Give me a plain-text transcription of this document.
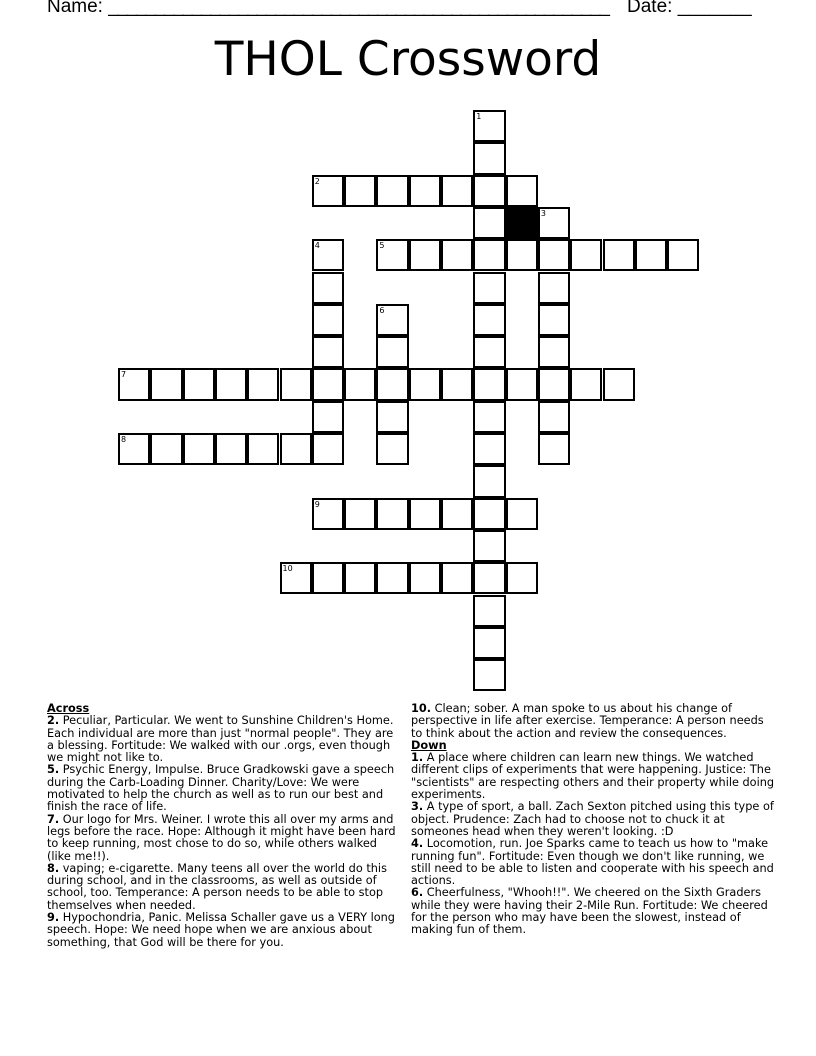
Name: ______________________________________________________ Date: _______
THOL Crossword
1
2
3
4	5
6
7
8
9
10
Across
2. Peculiar, Particular. We went to Sunshine Children's Home. Each individual are more than just "normal people". They are a blessing. Fortitude: We walked with our .orgs, even though we might not like to.
5. Psychic Energy, Impulse. Bruce Gradkowski gave a speech during the Carb-Loading Dinner. Charity/Love: We were motivated to help the church as well as to run our best and finish the race of life.
7. Our logo for Mrs. Weiner. I wrote this all over my arms and legs before the race. Hope: Although it might have been hard to keep running, most chose to do so, while others walked (like me!!).
8. vaping; e-cigarette. Many teens all over the world do this during school, and in the classrooms, as well as outside of school, too. Temperance: A person needs to be able to stop themselves when needed.
9. Hypochondria, Panic. Melissa Schaller gave us a VERY long speech. Hope: We need hope when we are anxious about something, that God will be there for you.
10. Clean; sober. A man spoke to us about his change of perspective in life after exercise. Temperance: A person needs to think about the action and review the consequences.
Down
1. A place where children can learn new things. We watched different clips of experiments that were happening. Justice: The "scientists" are respecting others and their property while doing experiments.
3. A type of sport, a ball. Zach Sexton pitched using this type of object. Prudence: Zach had to choose not to chuck it at someones head when they weren't looking. :D
4. Locomotion, run. Joe Sparks came to teach us how to "make running fun". Fortitude: Even though we don't like running, we still need to be able to listen and cooperate with his speech and actions.
6. Cheerfulness, "Whooh!!". We cheered on the Sixth Graders while they were having their 2-Mile Run. Fortitude: We cheered for the person who may have been the slowest, instead of making fun of them.
